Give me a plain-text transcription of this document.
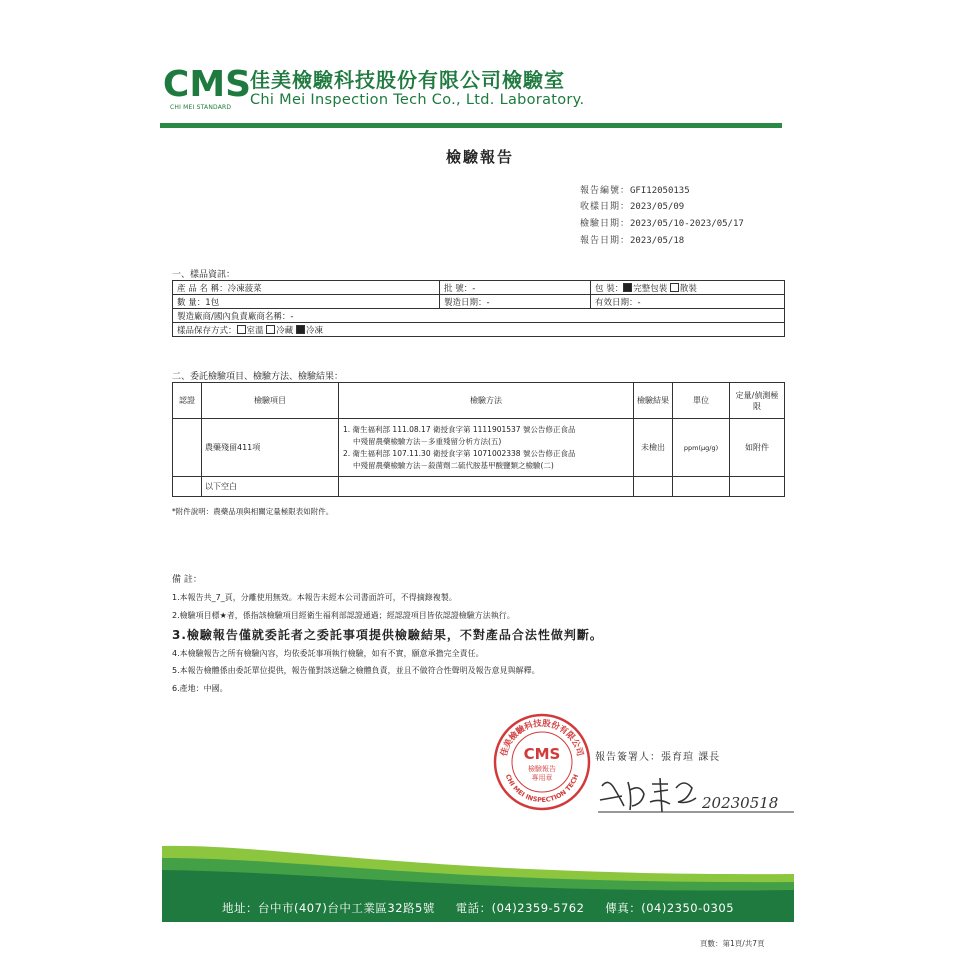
CMS
CHI MEI STANDARD
佳美檢驗科技股份有限公司檢驗室
Chi Mei Inspection Tech Co., Ltd. Laboratory.
檢驗報告
報告編號：GFI12050135
收樣日期：2023/05/09
檢驗日期：2023/05/10-2023/05/17
報告日期：2023/05/18
一、樣品資訊：
產 品 名 稱：冷凍菠菜	批 號：-	包 裝： 完整包裝 散裝
數 量：1包	製造日期：-	有效日期：-
製造廠商/國內負責廠商名稱：-		
樣品保存方式： 室溫 冷藏 冷凍		
二、委託檢驗項目、檢驗方法、檢驗結果：
認證	檢驗項目	檢驗方法	檢驗結果	單位	定量/偵測極限
	農藥殘留411項	1. 衛生福利部 111.08.17 衛授食字第 1111901537 號公告修正食品
中殘留農藥檢驗方法－多重殘留分析方法(五)
2. 衛生福利部 107.11.30 衛授食字第 1071002338 號公告修正食品
中殘留農藥檢驗方法－殺菌劑二硫代胺基甲酸鹽類之檢驗(二)	未檢出	ppm(μg/g)	如附件
	以下空白				
*附件說明：農藥品項與相關定量極限表如附件。
備 註：
1.本報告共_7_頁，分離使用無效。本報告未經本公司書面許可，不得摘錄複製。
2.檢驗項目標★者，係指該檢驗項目經衛生福利部認證通過；經認證項目皆依認證檢驗方法執行。
3.檢驗報告僅就委託者之委託事項提供檢驗結果，不對產品合法性做判斷。
4.本檢驗報告之所有檢驗內容，均依委託事項執行檢驗，如有不實，願意承擔完全責任。
5.本報告檢體係由委託單位提供，報告僅對該送驗之檢體負責，並且不做符合性聲明及報告意見與解釋。
6.產地：中國。
佳美檢驗科技股份有限公司
CHI MEI INSPECTION TECH
CMS
檢驗報告
專用章
報告簽署人：張育瑄 課長
20230518
地址：台中市(407)台中工業區32路5號 電話：(04)2359-5762 傳真：(04)2350-0305
頁數：第1頁/共7頁
